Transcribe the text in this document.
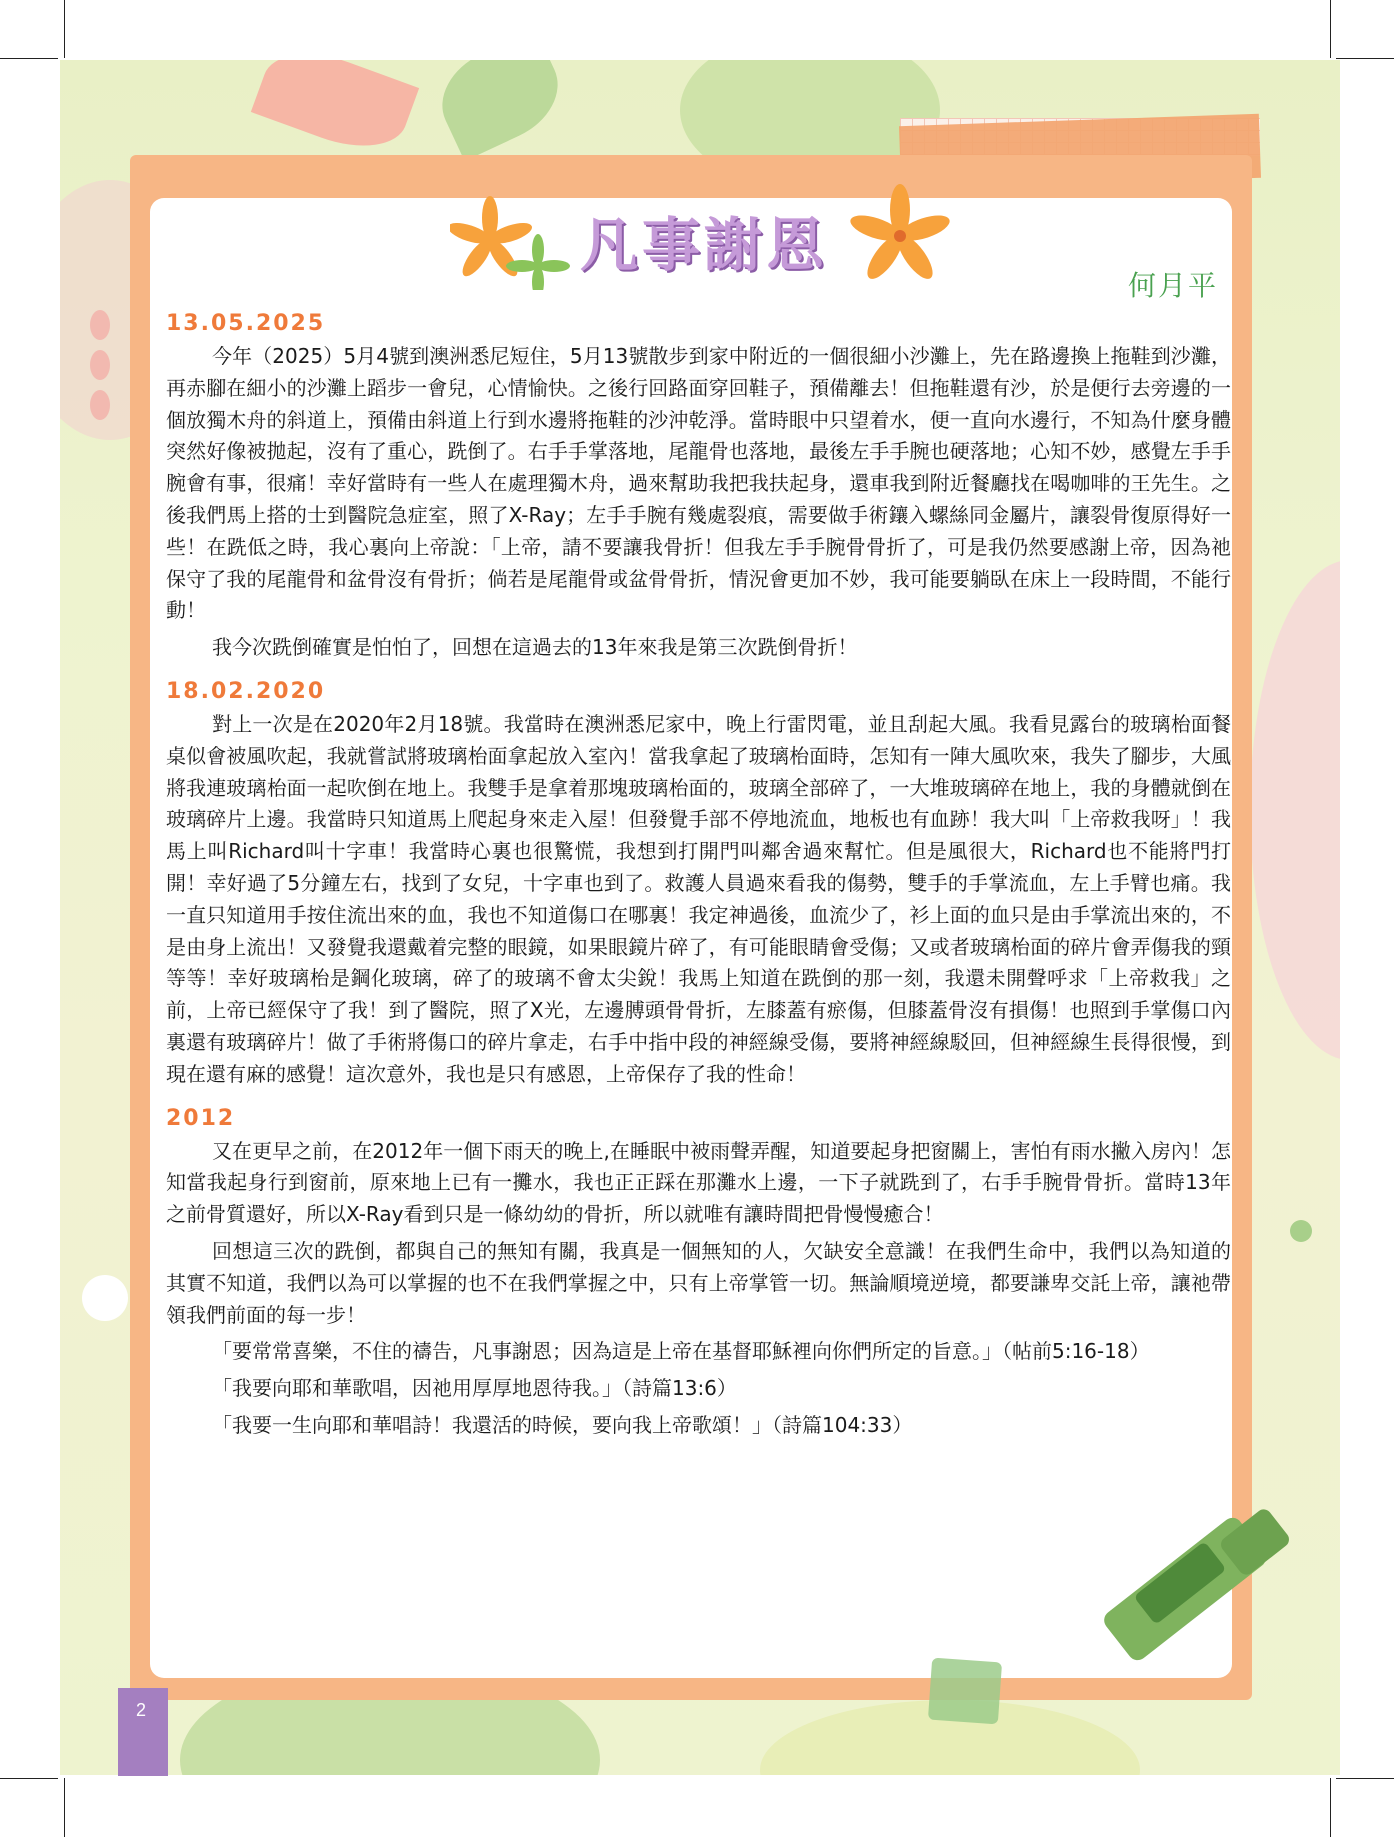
凡事謝恩
何月平
13.05.2025

今年（2025）5月4號到澳洲悉尼短住，5月13號散步到家中附近的一個很細小沙灘上，先在路邊換上拖鞋到沙灘，再赤腳在細小的沙灘上蹈步一會兒，心情愉快。之後行回路面穿回鞋子，預備離去！但拖鞋還有沙，於是便行去旁邊的一個放獨木舟的斜道上，預備由斜道上行到水邊將拖鞋的沙沖乾淨。當時眼中只望着水，便一直向水邊行，不知為什麼身體突然好像被拋起，沒有了重心，跣倒了。右手手掌落地，尾龍骨也落地，最後左手手腕也硬落地；心知不妙，感覺左手手腕會有事，很痛！幸好當時有一些人在處理獨木舟，過來幫助我把我扶起身，還車我到附近餐廳找在喝咖啡的王先生。之後我們馬上搭的士到醫院急症室，照了X-Ray；左手手腕有幾處裂痕，需要做手術鑲入螺絲同金屬片，讓裂骨復原得好一些！在跣低之時，我心裏向上帝說：「上帝，請不要讓我骨折！但我左手手腕骨骨折了，可是我仍然要感謝上帝，因為祂保守了我的尾龍骨和盆骨沒有骨折；倘若是尾龍骨或盆骨骨折，情況會更加不妙，我可能要躺臥在床上一段時間，不能行動！

我今次跣倒確實是怕怕了，回想在這過去的13年來我是第三次跣倒骨折！

18.02.2020

對上一次是在2020年2月18號。我當時在澳洲悉尼家中，晚上行雷閃電，並且刮起大風。我看見露台的玻璃枱面餐桌似會被風吹起，我就嘗試將玻璃枱面拿起放入室內！當我拿起了玻璃枱面時，怎知有一陣大風吹來，我失了腳步，大風將我連玻璃枱面一起吹倒在地上。我雙手是拿着那塊玻璃枱面的，玻璃全部碎了，一大堆玻璃碎在地上，我的身體就倒在玻璃碎片上邊。我當時只知道馬上爬起身來走入屋！但發覺手部不停地流血，地板也有血跡！我大叫「上帝救我呀」！我馬上叫Richard叫十字車！我當時心裏也很驚慌，我想到打開門叫鄰舍過來幫忙。但是風很大，Richard也不能將門打開！幸好過了5分鐘左右，找到了女兒，十字車也到了。救護人員過來看我的傷勢，雙手的手掌流血，左上手臂也痛。我一直只知道用手按住流出來的血，我也不知道傷口在哪裏！我定神過後，血流少了，衫上面的血只是由手掌流出來的，不是由身上流出！又發覺我還戴着完整的眼鏡，如果眼鏡片碎了，有可能眼睛會受傷；又或者玻璃枱面的碎片會弄傷我的頸等等！幸好玻璃枱是鋼化玻璃，碎了的玻璃不會太尖銳！我馬上知道在跣倒的那一刻，我還未開聲呼求「上帝救我」之前，上帝已經保守了我！到了醫院，照了X光，左邊膊頭骨骨折，左膝蓋有瘀傷，但膝蓋骨沒有損傷！也照到手掌傷口內裏還有玻璃碎片！做了手術將傷口的碎片拿走，右手中指中段的神經線受傷，要將神經線駁回，但神經線生長得很慢，到現在還有麻的感覺！這次意外，我也是只有感恩，上帝保存了我的性命！

2012

又在更早之前，在2012年一個下雨天的晚上,在睡眠中被雨聲弄醒，知道要起身把窗關上，害怕有雨水撇入房內！怎知當我起身行到窗前，原來地上已有一攤水，我也正正踩在那灘水上邊，一下子就跣到了，右手手腕骨骨折。當時13年之前骨質還好，所以X-Ray看到只是一條幼幼的骨折，所以就唯有讓時間把骨慢慢癒合！

回想這三次的跣倒，都與自己的無知有關，我真是一個無知的人，欠缺安全意識！在我們生命中，我們以為知道的其實不知道，我們以為可以掌握的也不在我們掌握之中，只有上帝掌管一切。無論順境逆境，都要謙卑交託上帝，讓祂帶領我們前面的每一步！

「要常常喜樂，不住的禱告，凡事謝恩；因為這是上帝在基督耶穌裡向你們所定的旨意。」（帖前5:16-18）

「我要向耶和華歌唱，因祂用厚厚地恩待我。」（詩篇13:6）

「我要一生向耶和華唱詩！我還活的時候，要向我上帝歌頌！」（詩篇104:33）

2
